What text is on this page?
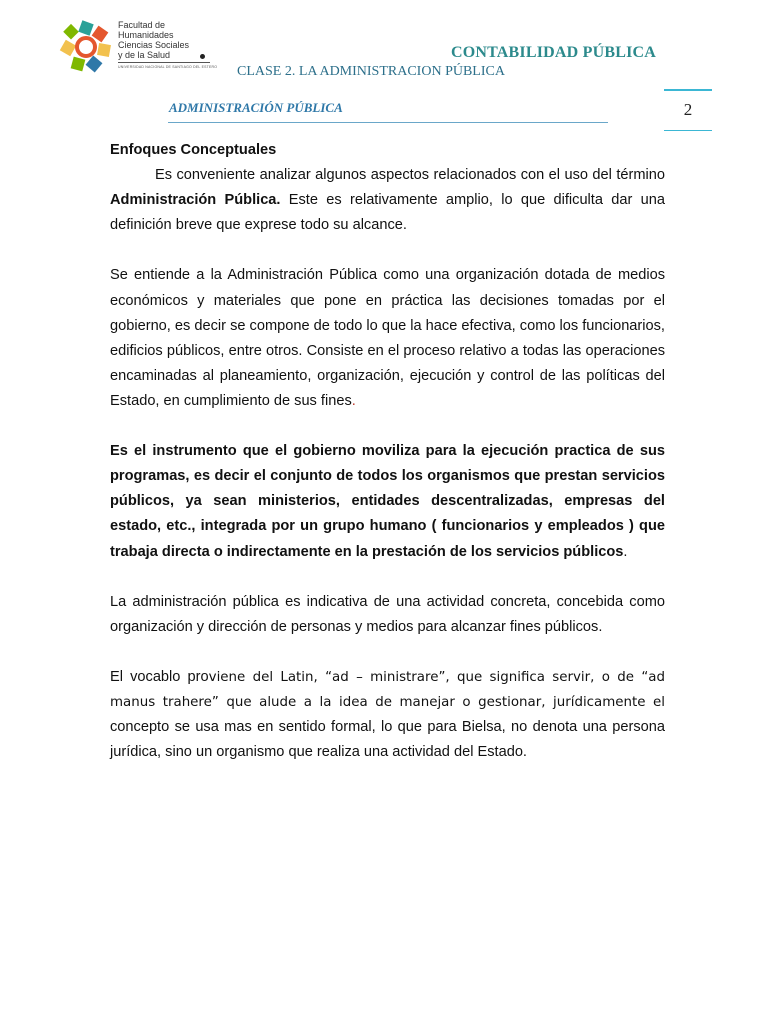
Facultad de
Humanidades
Ciencias Sociales
y de la Salud
UNIVERSIDAD NACIONAL DE SANTIAGO DEL ESTERO
CONTABILIDAD PÚBLICA
CLASE 2. LA ADMINISTRACION PÚBLICA
ADMINISTRACIÓN PÚBLICA	2

Enfoques Conceptuales

Es conveniente analizar algunos aspectos relacionados con el uso del término Administración Pública. Este es relativamente amplio, lo que dificulta dar una definición breve que exprese todo su alcance.

Se entiende a la Administración Pública como una organización dotada de medios económicos y materiales que pone en práctica las decisiones tomadas por el gobierno, es decir se compone de todo lo que la hace efectiva, como los funcionarios, edificios públicos, entre otros. Consiste en el proceso relativo a todas las operaciones encaminadas al planeamiento, organización, ejecución y control de las políticas del Estado, en cumplimiento de sus fines.

Es el instrumento que el gobierno moviliza para la ejecución practica de sus programas, es decir el conjunto de todos los organismos que prestan servicios públicos, ya sean ministerios, entidades descentralizadas, empresas del estado, etc., integrada por un grupo humano ( funcionarios y empleados ) que trabaja directa o indirectamente en la prestación de los servicios públicos.

La administración pública es indicativa de una actividad concreta, concebida como organización y dirección de personas y medios para alcanzar fines públicos.

El vocablo proviene del Latin, “ad – ministrare”, que significa servir, o de “ad manus trahere” que alude a la idea de manejar o gestionar, jurídicamente el concepto se usa mas en sentido formal, lo que para Bielsa, no denota una persona jurídica, sino un organismo que realiza una actividad del Estado.
